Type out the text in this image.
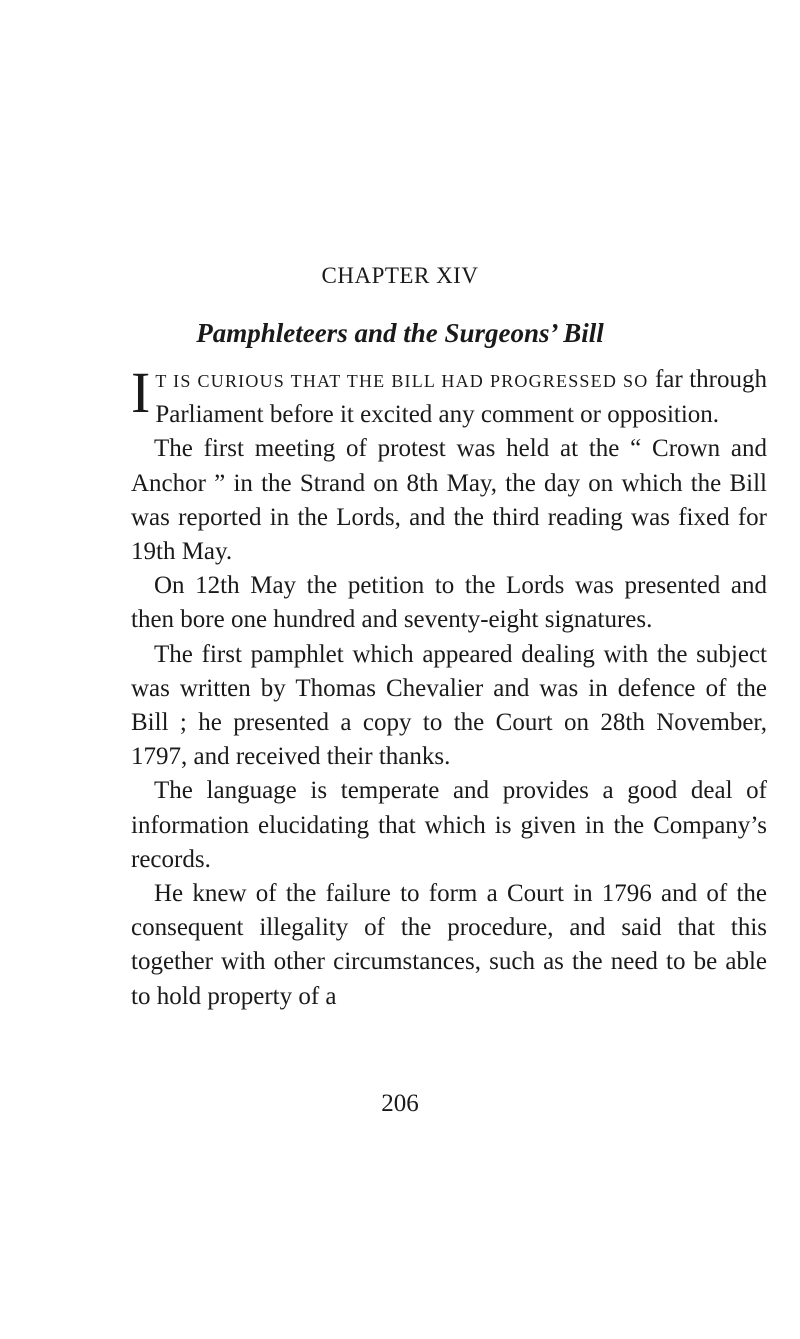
CHAPTER XIV
Pamphleteers and the Surgeons’ Bill

IT IS CURIOUS THAT THE BILL HAD PROGRESSED SO far through Parliament before it excited any comment or opposition.

The first meeting of protest was held at the “ Crown and Anchor ” in the Strand on 8th May, the day on which the Bill was reported in the Lords, and the third reading was fixed for 19th May.

On 12th May the petition to the Lords was presented and then bore one hundred and seventy-eight signatures.

The first pamphlet which appeared dealing with the subject was written by Thomas Chevalier and was in defence of the Bill ; he presented a copy to the Court on 28th November, 1797, and received their thanks.

The language is temperate and provides a good deal of information elucidating that which is given in the Company’s records.

He knew of the failure to form a Court in 1796 and of the consequent illegality of the procedure, and said that this together with other circumstances, such as the need to be able to hold property of a

206
